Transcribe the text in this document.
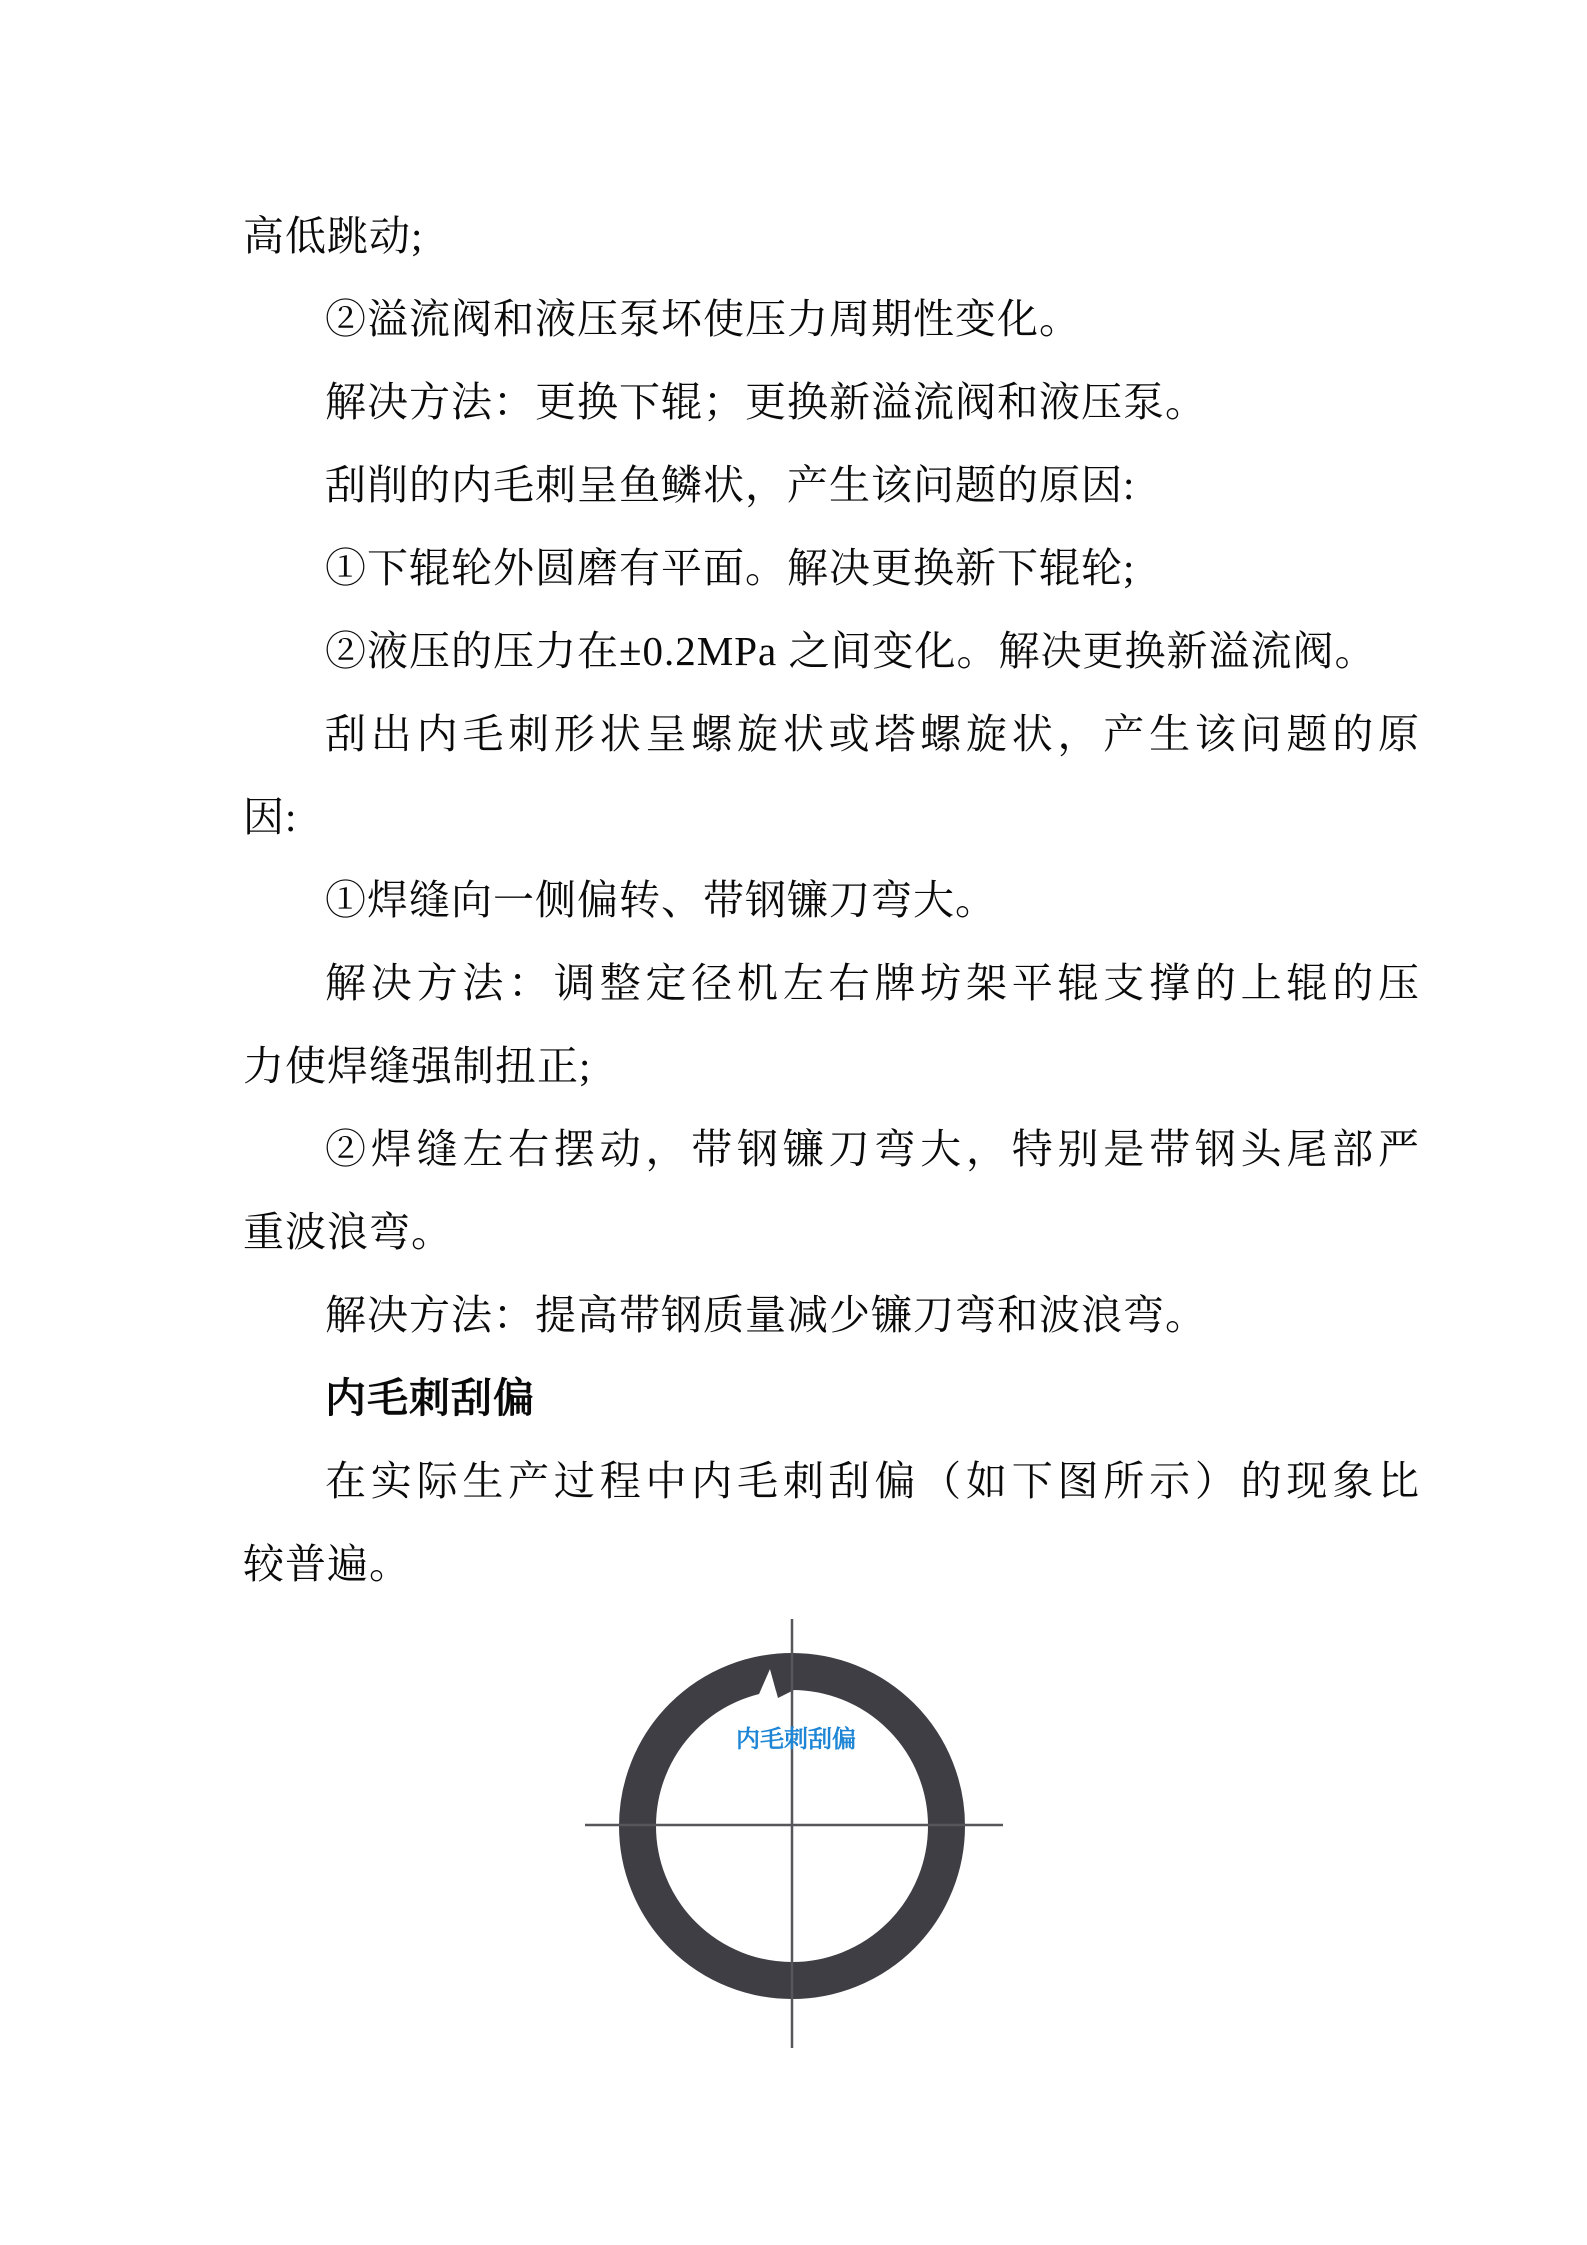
高低跳动;
②溢流阀和液压泵坏使压力周期性变化。
解决方法：更换下辊；更换新溢流阀和液压泵。
刮削的内毛刺呈鱼鳞状，产生该问题的原因:
①下辊轮外圆磨有平面。解决更换新下辊轮;
②液压的压力在±0.2MPa 之间变化。解决更换新溢流阀。
刮出内毛刺形状呈螺旋状或塔螺旋状，产生该问题的原
因:
①焊缝向一侧偏转、带钢镰刀弯大。
解决方法：调整定径机左右牌坊架平辊支撑的上辊的压
力使焊缝强制扭正;
②焊缝左右摆动，带钢镰刀弯大，特别是带钢头尾部严
重波浪弯。
解决方法：提高带钢质量减少镰刀弯和波浪弯。
内毛刺刮偏
在实际生产过程中内毛刺刮偏（如下图所示）的现象比
较普遍。
内毛刺刮偏
